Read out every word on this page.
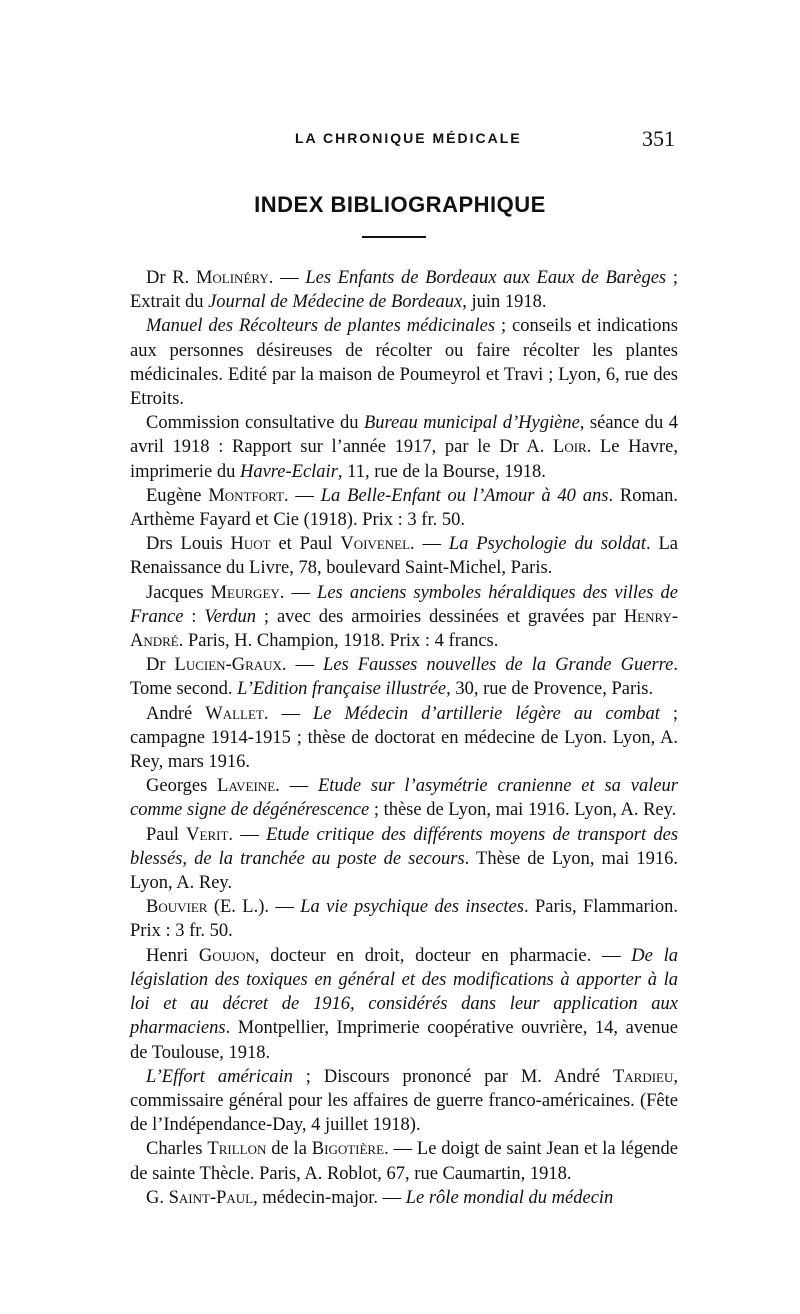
LA CHRONIQUE MÉDICALE	351
INDEX BIBLIOGRAPHIQUE

Dr R. Molinéry. — Les Enfants de Bordeaux aux Eaux de Barèges ; Extrait du Journal de Médecine de Bordeaux, juin 1918.

Manuel des Récolteurs de plantes médicinales ; conseils et indications aux personnes désireuses de récolter ou faire récolter les plantes médicinales. Edité par la maison de Poumeyrol et Travi ; Lyon, 6, rue des Etroits.

Commission consultative du Bureau municipal d’Hygiène, séance du 4 avril 1918 : Rapport sur l’année 1917, par le Dr A. Loir. Le Havre, imprimerie du Havre-Eclair, 11, rue de la Bourse, 1918.

Eugène Montfort. — La Belle-Enfant ou l’Amour à 40 ans. Roman. Arthème Fayard et Cie (1918). Prix : 3 fr. 50.

Drs Louis Huot et Paul Voivenel. — La Psychologie du soldat. La Renaissance du Livre, 78, boulevard Saint-Michel, Paris.

Jacques Meurgey. — Les anciens symboles héraldiques des villes de France : Verdun ; avec des armoiries dessinées et gravées par Henry-André. Paris, H. Champion, 1918. Prix : 4 francs.

Dr Lucien-Graux. — Les Fausses nouvelles de la Grande Guerre. Tome second. L’Edition française illustrée, 30, rue de Provence, Paris.

André Wallet. — Le Médecin d’artillerie légère au combat ; campagne 1914-1915 ; thèse de doctorat en médecine de Lyon. Lyon, A. Rey, mars 1916.

Georges Laveine. — Etude sur l’asymétrie cranienne et sa valeur comme signe de dégénérescence ; thèse de Lyon, mai 1916. Lyon, A. Rey.

Paul Verit. — Etude critique des différents moyens de transport des blessés, de la tranchée au poste de secours. Thèse de Lyon, mai 1916. Lyon, A. Rey.

Bouvier (E. L.). — La vie psychique des insectes. Paris, Flammarion. Prix : 3 fr. 50.

Henri Goujon, docteur en droit, docteur en pharmacie. — De la législation des toxiques en général et des modifications à apporter à la loi et au décret de 1916, considérés dans leur application aux pharmaciens. Montpellier, Imprimerie coopérative ouvrière, 14, avenue de Toulouse, 1918.

L’Effort américain ; Discours prononcé par M. André Tardieu, commissaire général pour les affaires de guerre franco-américaines. (Fête de l’Indépendance-Day, 4 juillet 1918).

Charles Trillon de la Bigotière. — Le doigt de saint Jean et la légende de sainte Thècle. Paris, A. Roblot, 67, rue Caumartin, 1918.

G. Saint-Paul, médecin-major. — Le rôle mondial du médecin
